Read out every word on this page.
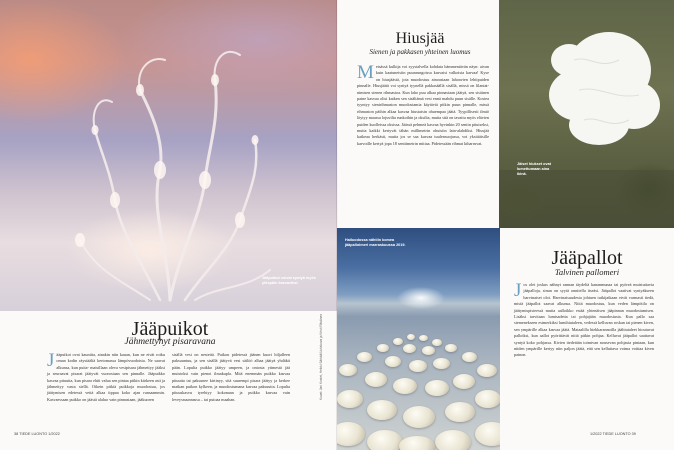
Jääpuikot voivat syntyä myös ylöspäin kasvaviksi.
Jääpuikot
Jähmettynyt pisaravana
J ääpuikot ovat kauniita, ainakin niin kauan, kun ne eivät roiku oman kodin räystäältä kertomassa lämpövuodoista. Ne saavat alkunsa, kun puita- maisillaan oleva vesipisara jähmettyy jääksi ja seuraavat pisarat jäätyvät vuorostaan sen pinnalle. Jääpuikko kasvaa pituutta, kun pisara ehtii valua sen pintaa pitkin kärkeen asti ja jähmettyy vasta siellä. Oikein pitkiä puikkoja muodostuu, jos jäätymisen edetessä vettä alkaa tippua koko ajan runsaammin. Kasvaessaan puikko on jäästä alaluo vain pinnastaan, jääkuoren
sisällä vesi on nestettä. Puikon pidetessä jäänen kuori hiljalleen paksuuntuu, ja sen sisällä jäätyvä vesi säilöö alhaa jäätyä yhdäkti pään. Lopulta puikko jäätyy umpeen, ja ontosta ytimestä jää muistoksi vain pienoi ilmakupla. Mitä enemmän puikko kasvaa pituutta tai paksunee kirtinyy, sitä suurempi pisara jäätyy ja kerkee matkan puikon kylkeen, ja muodostumana kasvaa paksuutta. Lopulta pituuskasvu tyrehtyy kokonaan ja puikko kasvaa vain leveyssuunnassa – tai putoaa maahan.	Kuvat: Jari Kostet, Heikki Särkkä/Uutiskuva ja Kristi Räsänen
38 TIEDE LUONTO 1/2022
Hiusjää
Sienen ja pakkasen yhteinen luomus
M etsässä kulkija voi syystalvella kohdata hämmentävän näyn: aivan kuin kaatuneisiin puunrungoissa kasvaisi valkoista karvaa! Kyse on hiusjäästä, jota muodostuu ainoastaan lahoavien lehtipuiden pinnalle. Hiusjäätä voi syntyä tyynellä pakkasäällä sisällä, missä on lilaniat-nimisen sienen rihmastoa. Kun laho puu alkaa pinnastaan jäätyä, sen sisäinen paine kasvaa olisi kaiken sen sisältämä vesi ennä mahdu puun sisälle. Kostea tyyntyy sienirihmaston muodostamia käytäviä pitkin puun pinnalle, missä rihmaston päihin alkaa kasvaa hiustaisin ohuempaa jäätä. Tyypillisesti ilmiö löytyy maassa lojuvilta runkoihin ja oksilta, mutta sitä on tavattu myös elävien puiden kuolleissa oksissa. Jäässä pehmeä kasvaa hyvinkin 20 sentin pituiseksi, mutta kaikki kertyvät tähän millimetrin ohuisiin lain-alahdiksi. Hiusjää katkeaa herkästi, mutta jos se saa kasvaa tuulensuojassa, voi yksittäisille karvoille kertyä jopa 18 senttimetrin mittaa. Pidetessään rihmat kiharruvat.
Jäiset hiukset ovat lumettumaan aina ikinä.
Hailuodossa nähtiin komea jääpalloimeri marraskuussa 2019.
Jääpallot
Talvinen pallomeri
J os olet joskus nähnyt rannan täydeltä kananmunaa tai pyöreä muistuttavia jääpalloja, sinun on syytä onnitella itseäsi. Jääpallot vaativat syntyäkseen harvinaiset olot. Harvinaisuudesta johtuen tutkijatkaan eivät varmasti tiedä, mistä jääpallot saavat alkunsa. Niitä muodostuu, kun veden lämpötila on jäätymispisteessä mutta aalloikko estää yhtenäisen jääpinnan muodostumisen. Lisäksi tarvitaan lumisadetta tai pohjajään muodostusta. Kun pallo saa siemenekseen esimerkiksi lumihiutaleen, vedessä kelluvan roskan tai pienen kiven, sen ympärille alkaa kasvaa jäätä. Mataalilla hiekkarannoilla jäähiutaleet hioutuvat palloiksi, kun aallot pyörittävät niitä pitkin pohjaa. Kelluvat jääpallot saattavat syntyä koko pohjassa. Kivien tiedetään toimivan nousevan pohjasta pintaan, kun niiden ympärille kertyy niin paljon jäätä, että sen kelluttava voima voittaa kiven painon.
1/2022 TIEDE LUONTO 39
